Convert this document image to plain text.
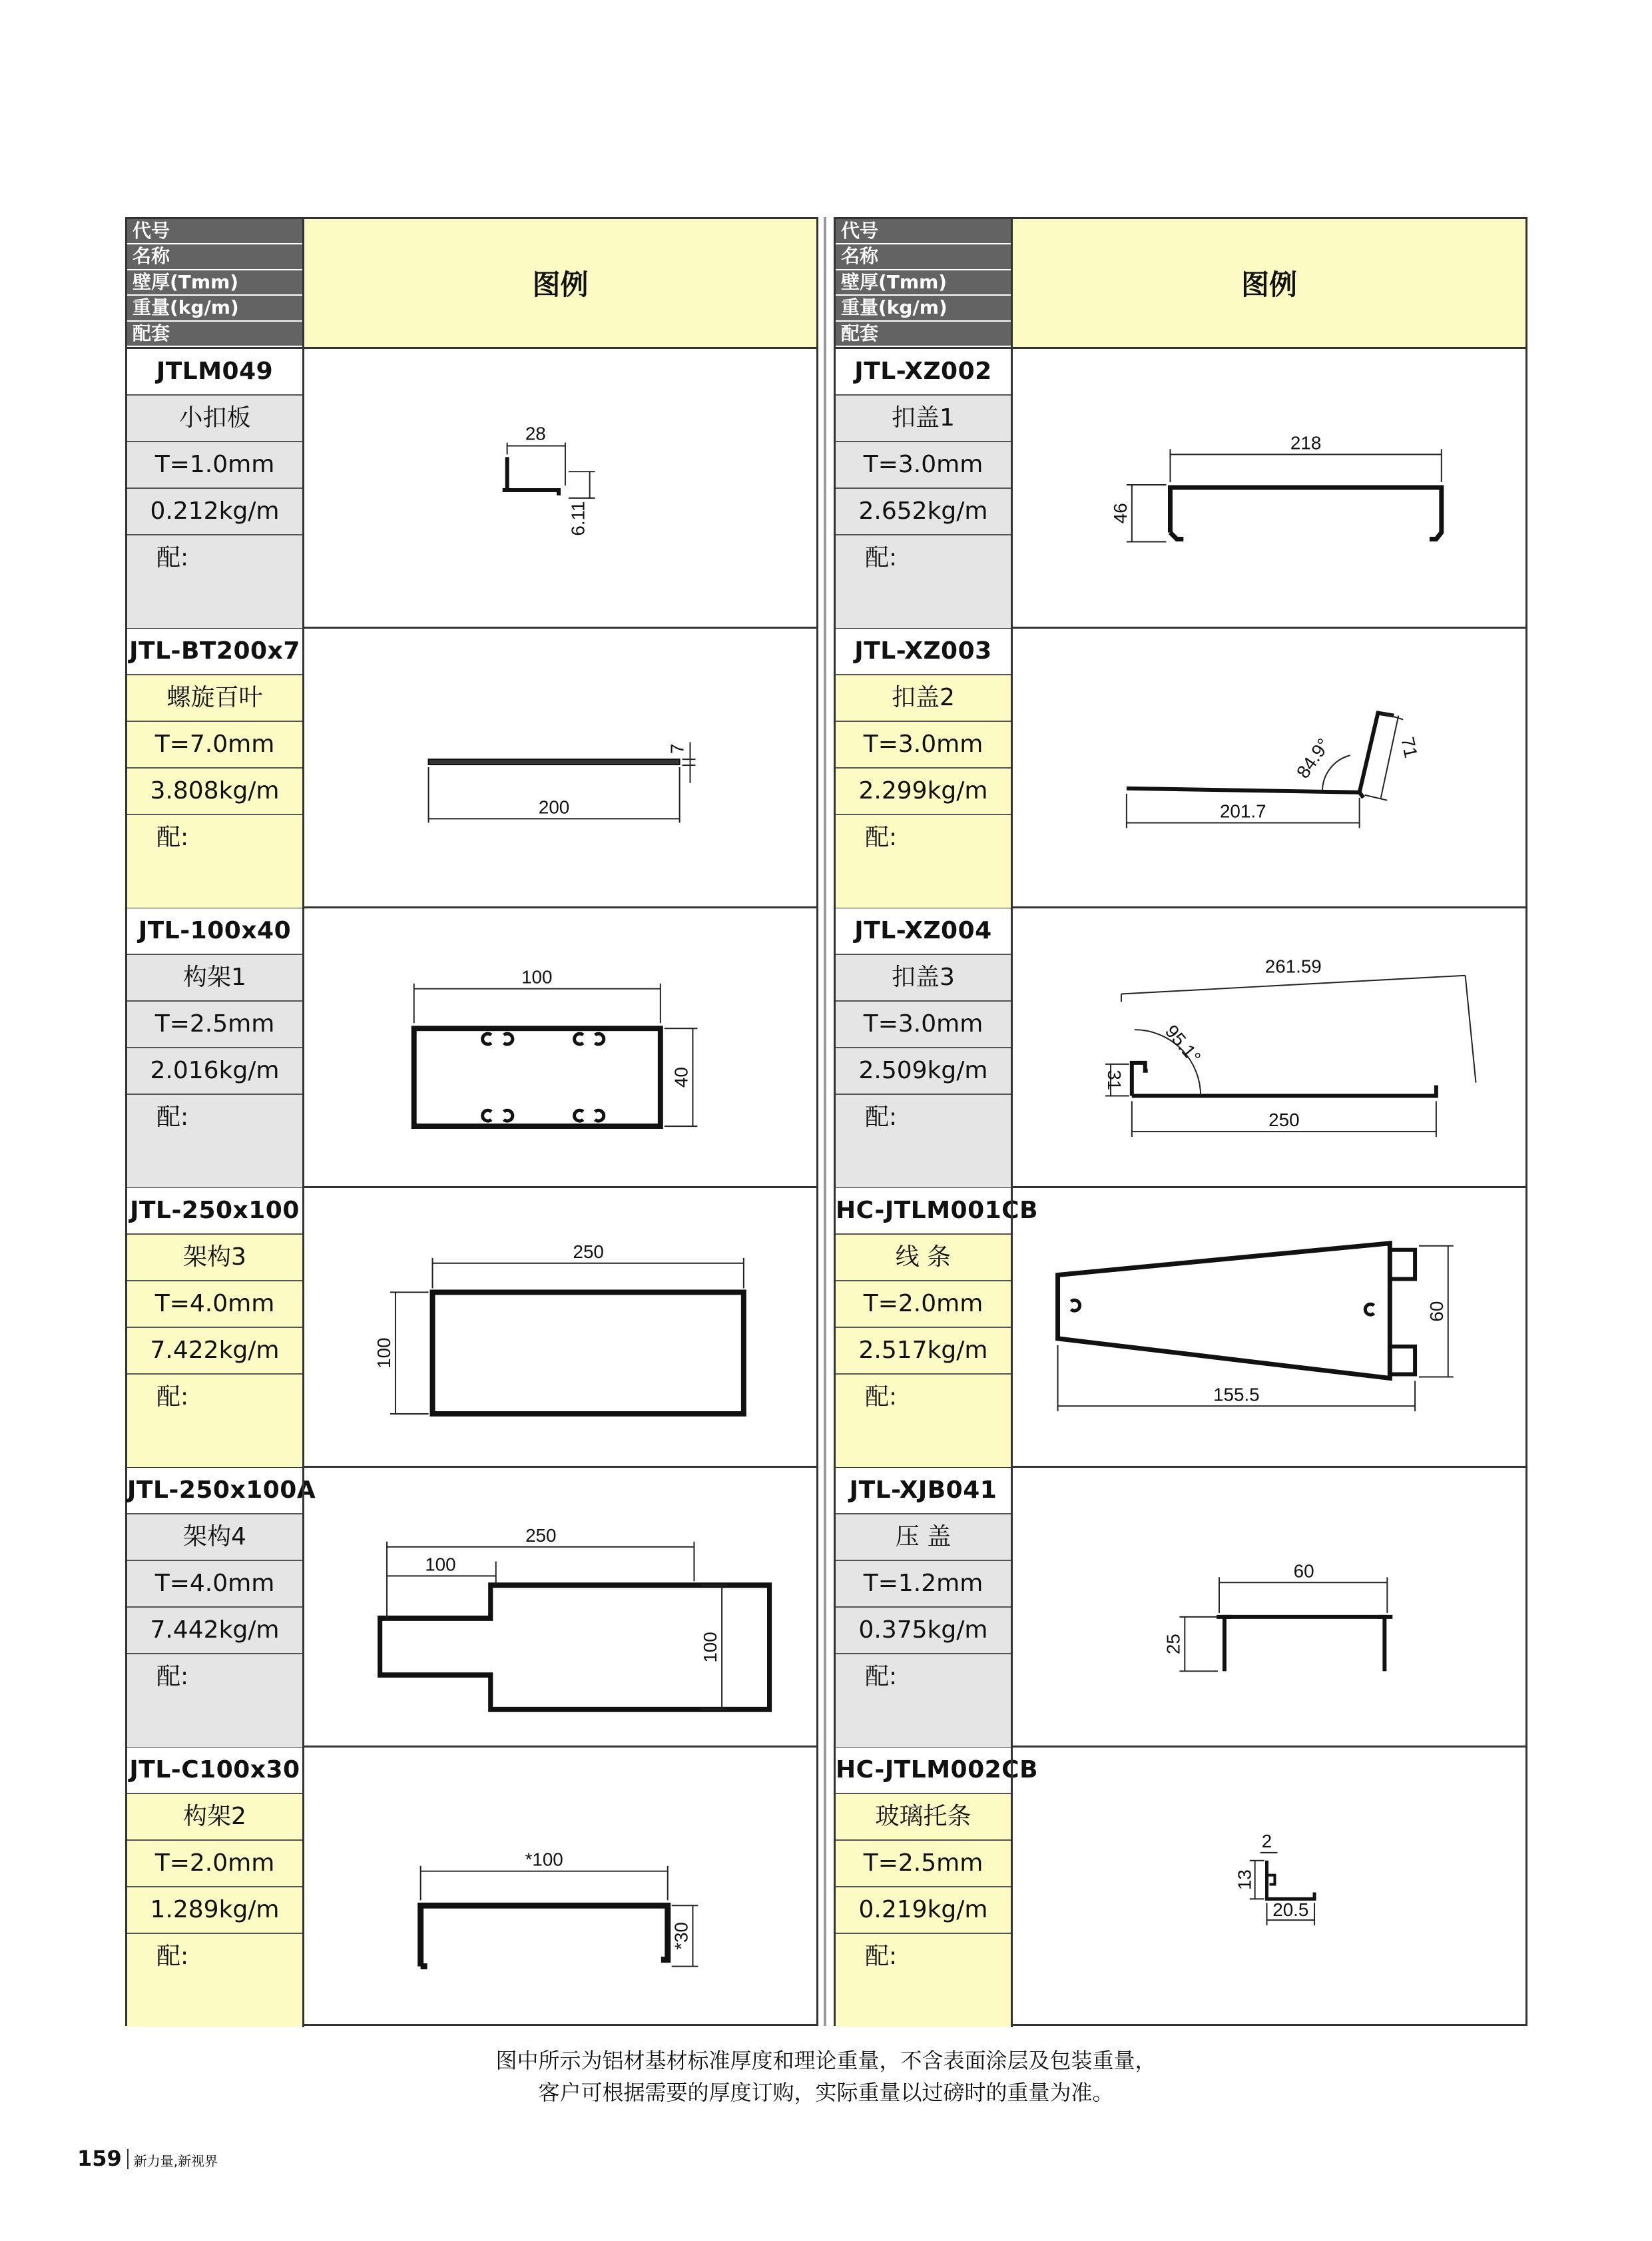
代号
名称
壁厚(Tmm)
重量(kg/m)
配套
图例
JTLM049
小扣板
T=1.0mm
0.212kg/m
配:
28
6.11
JTL-BT200x7
螺旋百叶
T=7.0mm
3.808kg/m
配:
7
200
JTL-100x40
构架1
T=2.5mm
2.016kg/m
配:
100
40
JTL-250x100
架构3
T=4.0mm
7.422kg/m
配:
250
100
JTL-250x100A
架构4
T=4.0mm
7.442kg/m
配:
250
100
100
JTL-C100x30
构架2
T=2.0mm
1.289kg/m
配:
*100
*30
代号
名称
壁厚(Tmm)
重量(kg/m)
配套
图例
JTL-XZ002
扣盖1
T=3.0mm
2.652kg/m
配:
218
46
JTL-XZ003
扣盖2
T=3.0mm
2.299kg/m
配:
84.9°	71
201.7
JTL-XZ004
扣盖3
T=3.0mm
2.509kg/m
配:
261.59
95.1°
31
250
HC-JTLM001CB
线 条
T=2.0mm
2.517kg/m
配:
60
155.5
JTL-XJB041
压 盖
T=1.2mm
0.375kg/m
配:
60
25
HC-JTLM002CB
玻璃托条
T=2.5mm
0.219kg/m
配:
2
13
20.5
图中所示为铝材基材标准厚度和理论重量，不含表面涂层及包装重量，
客户可根据需要的厚度订购，实际重量以过磅时的重量为准。
159 新力量,新视界
